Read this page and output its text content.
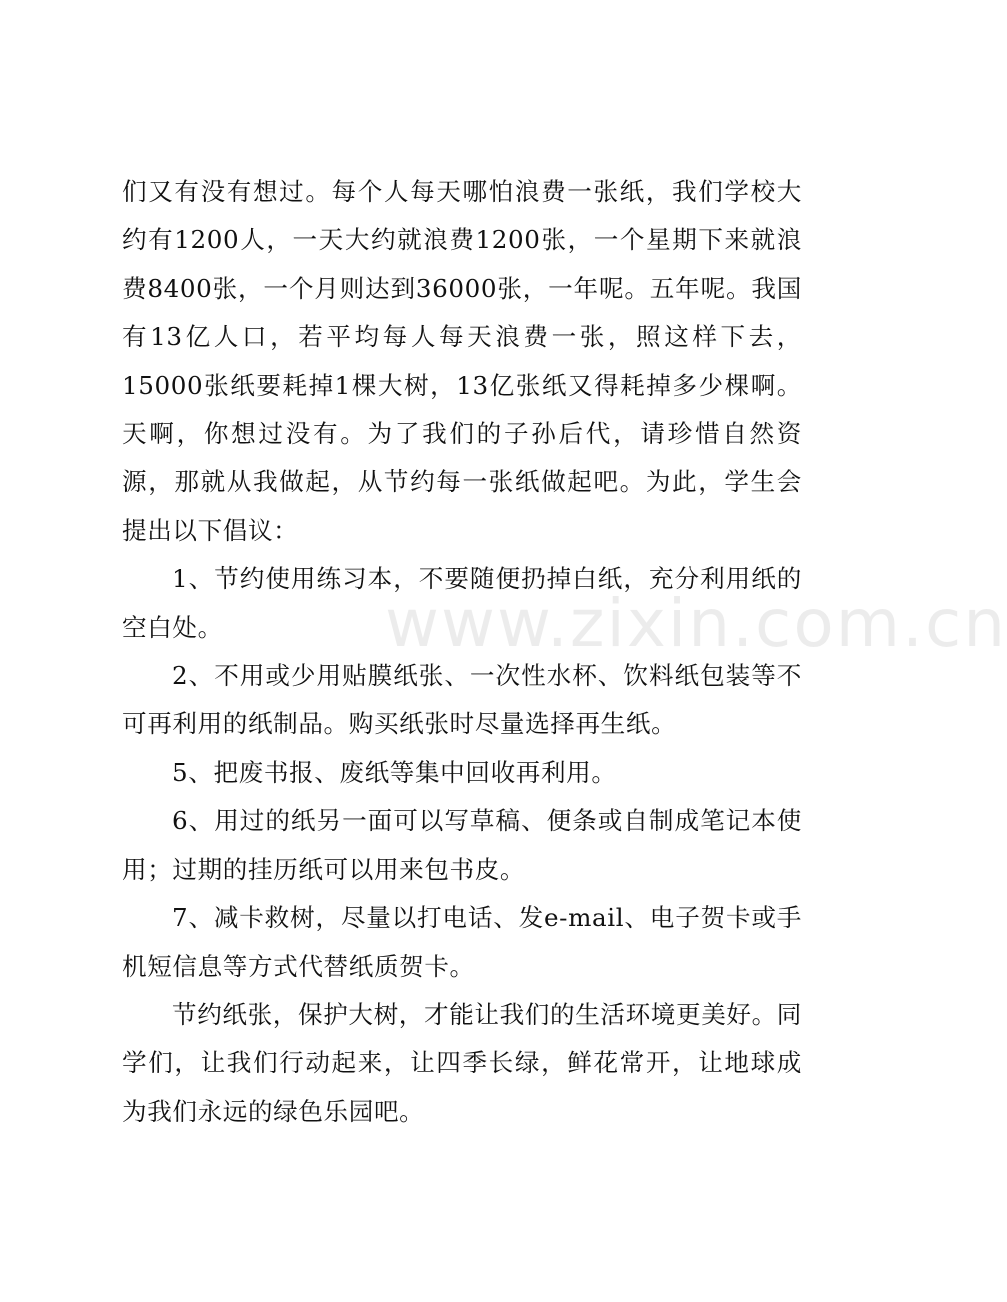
们又有没有想过。每个人每天哪怕浪费一张纸，我们学校大约有1200人，一天大约就浪费1200张，一个星期下来就浪费8400张，一个月则达到36000张，一年呢。五年呢。我国有13亿人口，若平均每人每天浪费一张，照这样下去，15000张纸要耗掉1棵大树，13亿张纸又得耗掉多少棵啊。天啊，你想过没有。为了我们的子孙后代，请珍惜自然资源，那就从我做起，从节约每一张纸做起吧。为此，学生会提出以下倡议：

1、节约使用练习本，不要随便扔掉白纸，充分利用纸的空白处。

2、不用或少用贴膜纸张、一次性水杯、饮料纸包装等不可再利用的纸制品。购买纸张时尽量选择再生纸。

5、把废书报、废纸等集中回收再利用。

6、用过的纸另一面可以写草稿、便条或自制成笔记本使用；过期的挂历纸可以用来包书皮。

7、减卡救树，尽量以打电话、发e-mail、电子贺卡或手机短信息等方式代替纸质贺卡。

节约纸张，保护大树，才能让我们的生活环境更美好。同学们，让我们行动起来，让四季长绿，鲜花常开，让地球成为我们永远的绿色乐园吧。

www.zixin.com.cn
